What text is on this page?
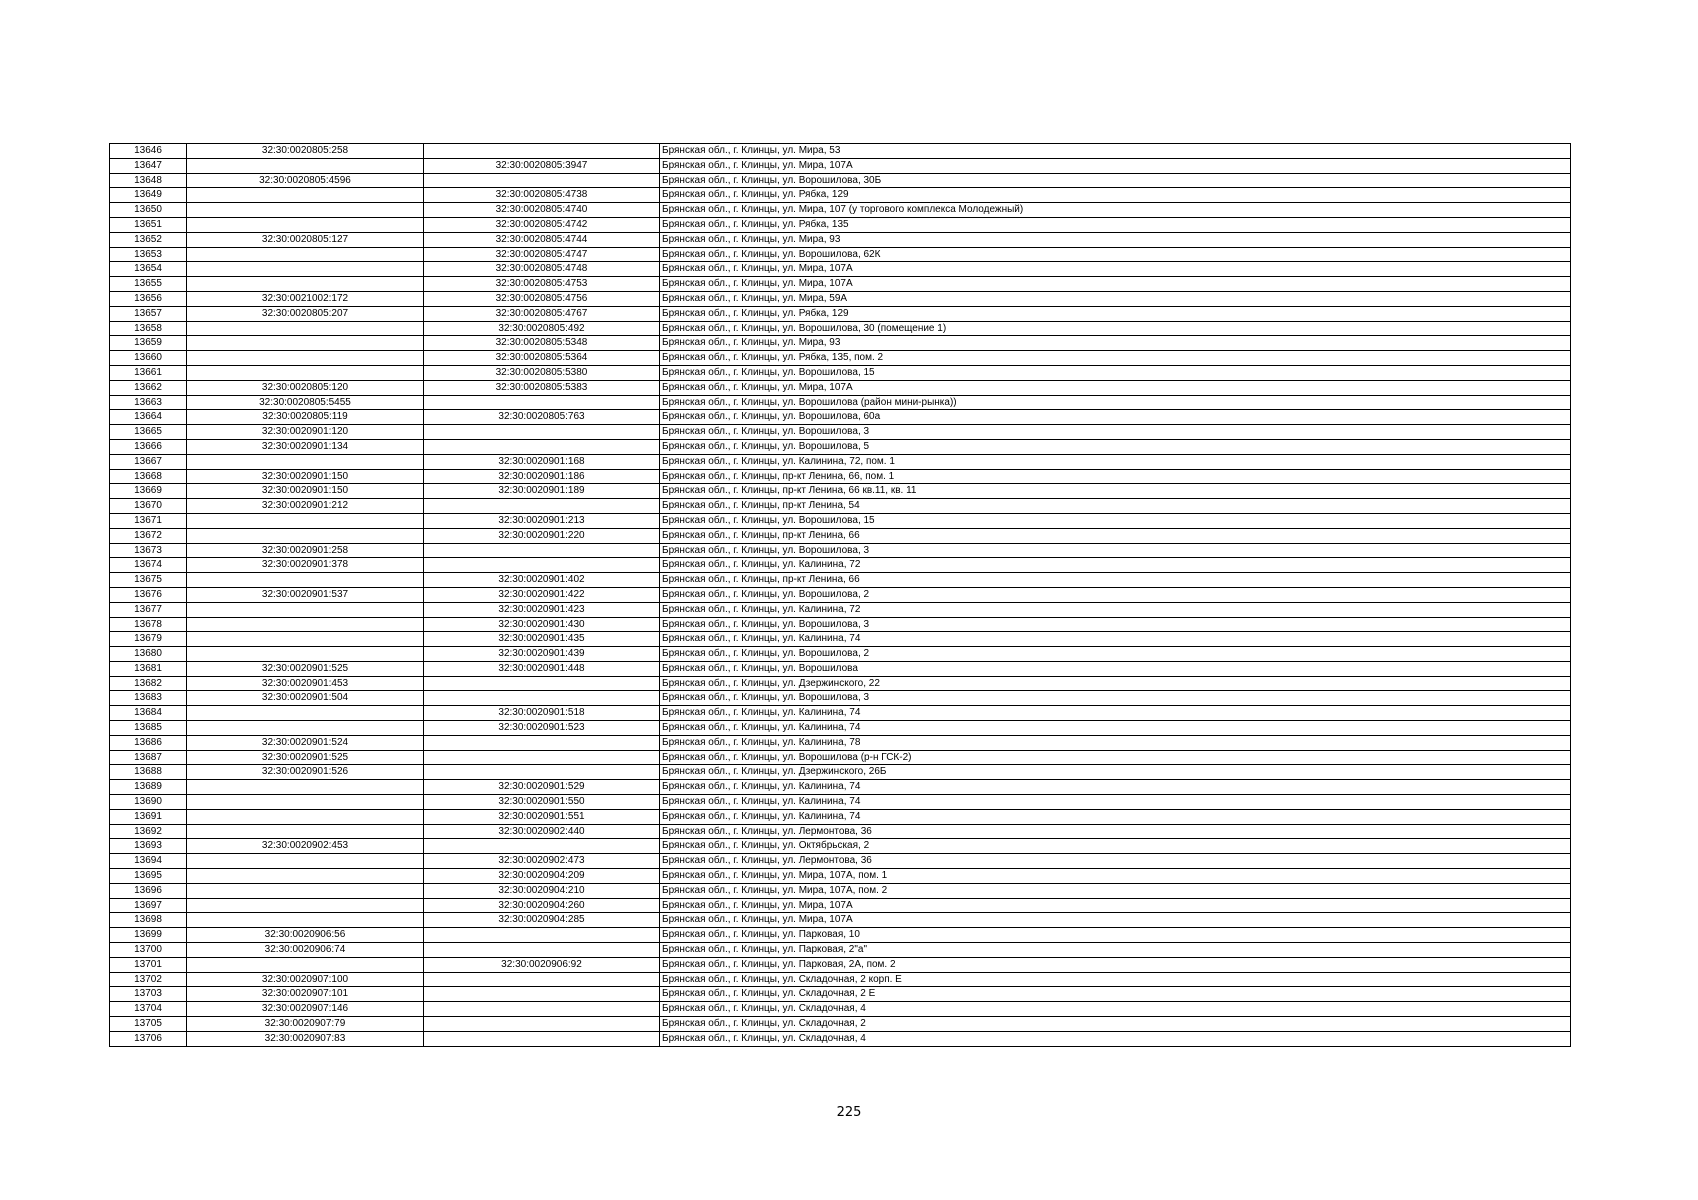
13646	32:30:0020805:258		Брянская обл., г. Клинцы, ул. Мира, 53
13647		32:30:0020805:3947	Брянская обл., г. Клинцы, ул. Мира, 107А
13648	32:30:0020805:4596		Брянская обл., г. Клинцы, ул. Ворошилова, 30Б
13649		32:30:0020805:4738	Брянская обл., г. Клинцы, ул. Рябка, 129
13650		32:30:0020805:4740	Брянская обл., г. Клинцы, ул. Мира, 107 (у торгового комплекса Молодежный)
13651		32:30:0020805:4742	Брянская обл., г. Клинцы, ул. Рябка, 135
13652	32:30:0020805:127	32:30:0020805:4744	Брянская обл., г. Клинцы, ул. Мира, 93
13653		32:30:0020805:4747	Брянская обл., г. Клинцы, ул. Ворошилова, 62К
13654		32:30:0020805:4748	Брянская обл., г. Клинцы, ул. Мира, 107А
13655		32:30:0020805:4753	Брянская обл., г. Клинцы, ул. Мира, 107А
13656	32:30:0021002:172	32:30:0020805:4756	Брянская обл., г. Клинцы, ул. Мира, 59А
13657	32:30:0020805:207	32:30:0020805:4767	Брянская обл., г. Клинцы, ул. Рябка, 129
13658		32:30:0020805:492	Брянская обл., г. Клинцы, ул. Ворошилова, 30 (помещение 1)
13659		32:30:0020805:5348	Брянская обл., г. Клинцы, ул. Мира, 93
13660		32:30:0020805:5364	Брянская обл., г. Клинцы, ул. Рябка, 135, пом. 2
13661		32:30:0020805:5380	Брянская обл., г. Клинцы, ул. Ворошилова, 15
13662	32:30:0020805:120	32:30:0020805:5383	Брянская обл., г. Клинцы, ул. Мира, 107А
13663	32:30:0020805:5455		Брянская обл., г. Клинцы, ул. Ворошилова (район мини-рынка))
13664	32:30:0020805:119	32:30:0020805:763	Брянская обл., г. Клинцы, ул. Ворошилова, 60а
13665	32:30:0020901:120		Брянская обл., г. Клинцы, ул. Ворошилова, 3
13666	32:30:0020901:134		Брянская обл., г. Клинцы, ул. Ворошилова, 5
13667		32:30:0020901:168	Брянская обл., г. Клинцы, ул. Калинина, 72, пом. 1
13668	32:30:0020901:150	32:30:0020901:186	Брянская обл., г. Клинцы, пр-кт Ленина, 66, пом. 1
13669	32:30:0020901:150	32:30:0020901:189	Брянская обл., г. Клинцы, пр-кт Ленина, 66 кв.11, кв. 11
13670	32:30:0020901:212		Брянская обл., г. Клинцы, пр-кт Ленина, 54
13671		32:30:0020901:213	Брянская обл., г. Клинцы, ул. Ворошилова, 15
13672		32:30:0020901:220	Брянская обл., г. Клинцы, пр-кт Ленина, 66
13673	32:30:0020901:258		Брянская обл., г. Клинцы, ул. Ворошилова, 3
13674	32:30:0020901:378		Брянская обл., г. Клинцы, ул. Калинина, 72
13675		32:30:0020901:402	Брянская обл., г. Клинцы, пр-кт Ленина, 66
13676	32:30:0020901:537	32:30:0020901:422	Брянская обл., г. Клинцы, ул. Ворошилова, 2
13677		32:30:0020901:423	Брянская обл., г. Клинцы, ул. Калинина, 72
13678		32:30:0020901:430	Брянская обл., г. Клинцы, ул. Ворошилова, 3
13679		32:30:0020901:435	Брянская обл., г. Клинцы, ул. Калинина, 74
13680		32:30:0020901:439	Брянская обл., г. Клинцы, ул. Ворошилова, 2
13681	32:30:0020901:525	32:30:0020901:448	Брянская обл., г. Клинцы, ул. Ворошилова
13682	32:30:0020901:453		Брянская обл., г. Клинцы, ул. Дзержинского, 22
13683	32:30:0020901:504		Брянская обл., г. Клинцы, ул. Ворошилова, 3
13684		32:30:0020901:518	Брянская обл., г. Клинцы, ул. Калинина, 74
13685		32:30:0020901:523	Брянская обл., г. Клинцы, ул. Калинина, 74
13686	32:30:0020901:524		Брянская обл., г. Клинцы, ул. Калинина, 78
13687	32:30:0020901:525		Брянская обл., г. Клинцы, ул. Ворошилова (р-н ГСК-2)
13688	32:30:0020901:526		Брянская обл., г. Клинцы, ул. Дзержинского, 26Б
13689		32:30:0020901:529	Брянская обл., г. Клинцы, ул. Калинина, 74
13690		32:30:0020901:550	Брянская обл., г. Клинцы, ул. Калинина, 74
13691		32:30:0020901:551	Брянская обл., г. Клинцы, ул. Калинина, 74
13692		32:30:0020902:440	Брянская обл., г. Клинцы, ул. Лермонтова, 36
13693	32:30:0020902:453		Брянская обл., г. Клинцы, ул. Октябрьская, 2
13694		32:30:0020902:473	Брянская обл., г. Клинцы, ул. Лермонтова, 36
13695		32:30:0020904:209	Брянская обл., г. Клинцы, ул. Мира, 107А, пом. 1
13696		32:30:0020904:210	Брянская обл., г. Клинцы, ул. Мира, 107А, пом. 2
13697		32:30:0020904:260	Брянская обл., г. Клинцы, ул. Мира, 107А
13698		32:30:0020904:285	Брянская обл., г. Клинцы, ул. Мира, 107А
13699	32:30:0020906:56		Брянская обл., г. Клинцы, ул. Парковая, 10
13700	32:30:0020906:74		Брянская обл., г. Клинцы, ул. Парковая, 2"а"
13701		32:30:0020906:92	Брянская обл., г. Клинцы, ул. Парковая, 2А, пом. 2
13702	32:30:0020907:100		Брянская обл., г. Клинцы, ул. Складочная, 2 корп. Е
13703	32:30:0020907:101		Брянская обл., г. Клинцы, ул. Складочная, 2 Е
13704	32:30:0020907:146		Брянская обл., г. Клинцы, ул. Складочная, 4
13705	32:30:0020907:79		Брянская обл., г. Клинцы, ул. Складочная, 2
13706	32:30:0020907:83		Брянская обл., г. Клинцы, ул. Складочная, 4
225
